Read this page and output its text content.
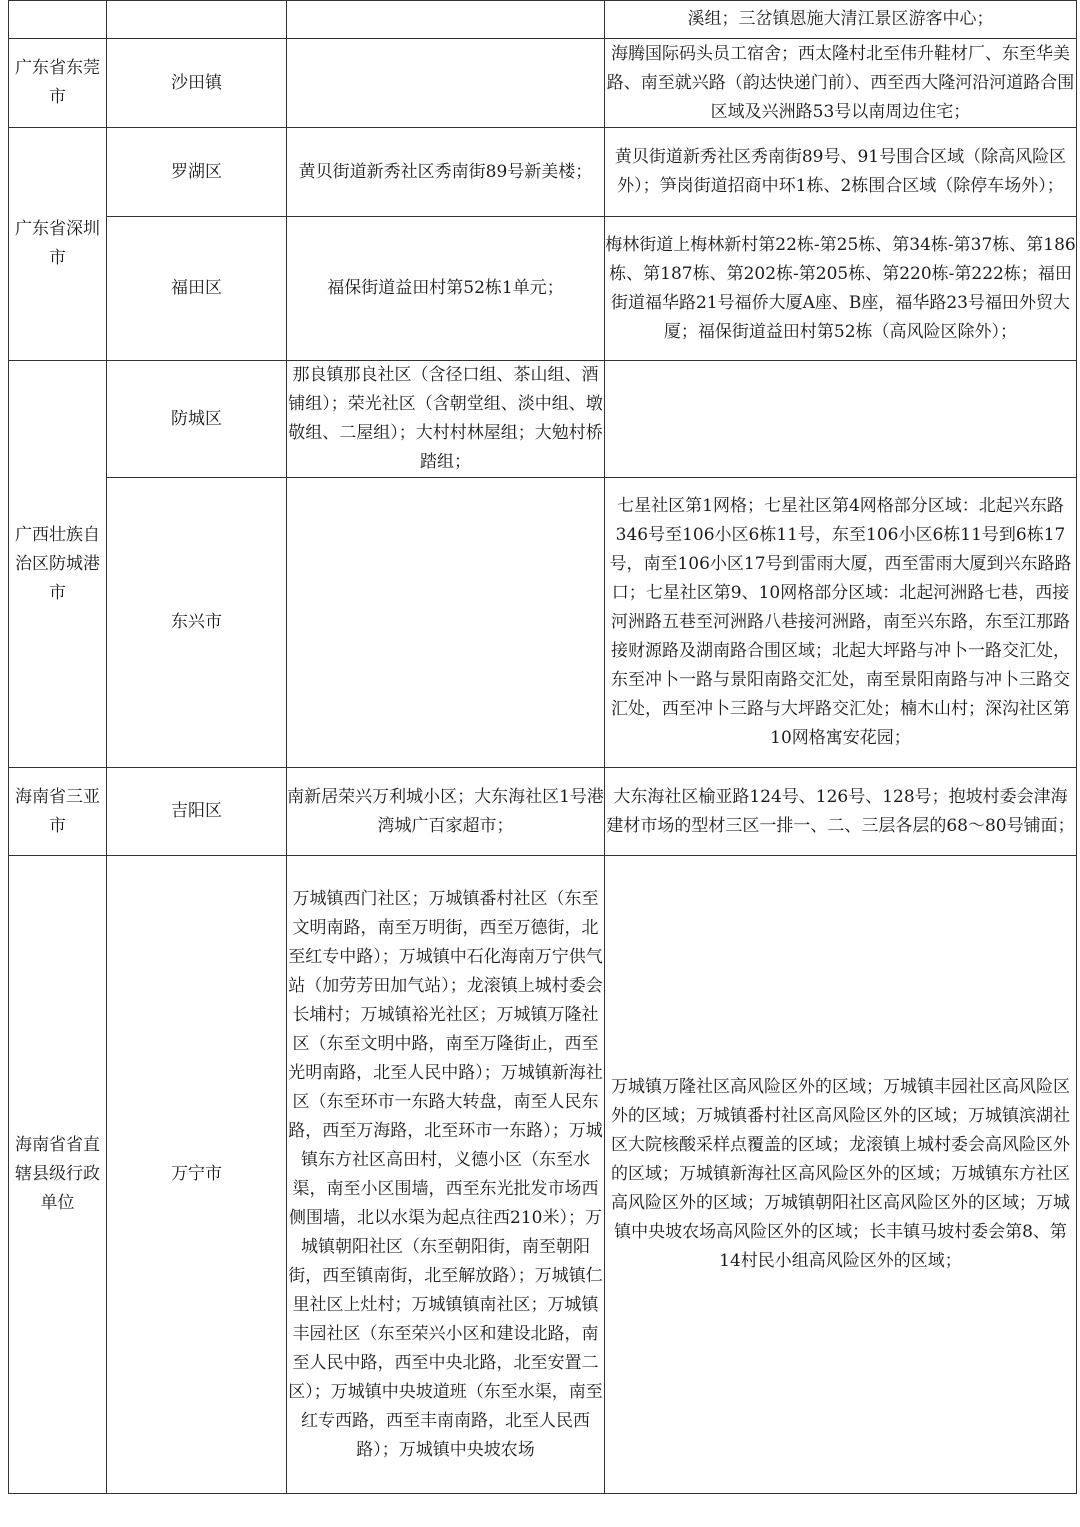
			溪组；三岔镇恩施大清江景区游客中心；
广东省东莞市	沙田镇		海腾国际码头员工宿舍；西太隆村北至伟升鞋材厂、东至华美路、南至就兴路（韵达快递门前）、西至西大隆河沿河道路合围区域及兴洲路53号以南周边住宅；
广东省深圳市	罗湖区	黄贝街道新秀社区秀南街89号新美楼；	黄贝街道新秀社区秀南街89号、91号围合区域（除高风险区外）；笋岗街道招商中环1栋、2栋围合区域（除停车场外）；
	福田区	福保街道益田村第52栋1单元；	梅林街道上梅林新村第22栋-第25栋、第34栋-第37栋、第186栋、第187栋、第202栋-第205栋、第220栋-第222栋；福田街道福华路21号福侨大厦A座、B座，福华路23号福田外贸大厦；福保街道益田村第52栋（高风险区除外）；
广西壮族自治区防城港市	防城区	那良镇那良社区（含径口组、茶山组、酒铺组）；荣光社区（含朝堂组、淡中组、墩敬组、二屋组）；大村村林屋组；大勉村桥踏组；	
	东兴市		七星社区第1网格；七星社区第4网格部分区域：北起兴东路346号至106小区6栋11号，东至106小区6栋11号到6栋17号，南至106小区17号到雷雨大厦，西至雷雨大厦到兴东路路口；七星社区第9、10网格部分区域：北起河洲路七巷，西接河洲路五巷至河洲路八巷接河洲路，南至兴东路，东至江那路接财源路及湖南路合围区域；北起大坪路与冲卜一路交汇处，东至冲卜一路与景阳南路交汇处，南至景阳南路与冲卜三路交汇处，西至冲卜三路与大坪路交汇处；楠木山村；深沟社区第10网格寓安花园；
海南省三亚市	吉阳区	南新居荣兴万利城小区；大东海社区1号港湾城广百家超市；	大东海社区榆亚路124号、126号、128号；抱坡村委会津海建材市场的型材三区一排一、二、三层各层的68～80号铺面；
海南省省直辖县级行政单位	万宁市	万城镇西门社区；万城镇番村社区（东至文明南路，南至万明街，西至万德街，北至红专中路）；万城镇中石化海南万宁供气站（加劳芳田加气站）；龙滚镇上城村委会长埔村；万城镇裕光社区；万城镇万隆社区（东至文明中路，南至万隆街止，西至光明南路，北至人民中路）；万城镇新海社区（东至环市一东路大转盘，南至人民东路，西至万海路，北至环市一东路）；万城镇东方社区高田村，义德小区（东至水渠，南至小区围墙，西至东光批发市场西侧围墙，北以水渠为起点往西210米）；万城镇朝阳社区（东至朝阳街，南至朝阳街，西至镇南街，北至解放路）；万城镇仁里社区上灶村；万城镇镇南社区；万城镇丰园社区（东至荣兴小区和建设北路，南至人民中路，西至中央北路，北至安置二区）；万城镇中央坡道班（东至水渠，南至红专西路，西至丰南南路，北至人民西路）；万城镇中央坡农场	万城镇万隆社区高风险区外的区域；万城镇丰园社区高风险区外的区域；万城镇番村社区高风险区外的区域；万城镇滨湖社区大院核酸采样点覆盖的区域；龙滚镇上城村委会高风险区外的区域；万城镇新海社区高风险区外的区域；万城镇东方社区高风险区外的区域；万城镇朝阳社区高风险区外的区域；万城镇中央坡农场高风险区外的区域；长丰镇马坡村委会第8、第14村民小组高风险区外的区域；
